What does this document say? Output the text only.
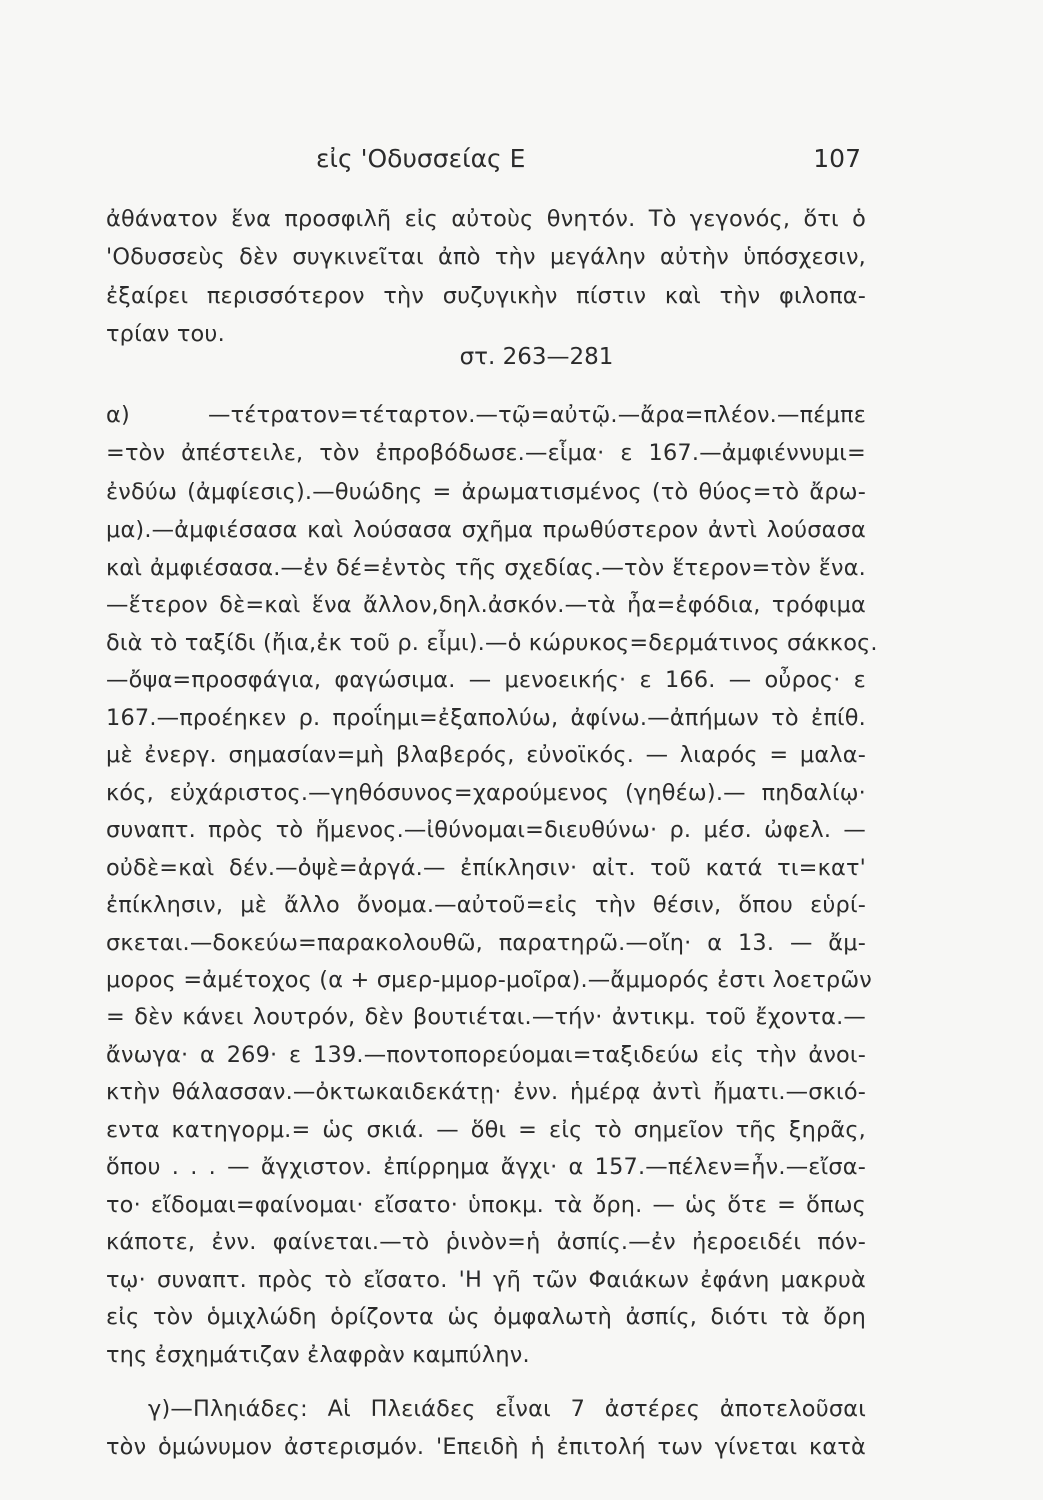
εἰς 'Οδυσσείας Ε	107
ἀθάνατον ἕνα προσφιλῆ εἰς αὐτοὺς θνητόν. Τὸ γεγονός, ὅτι ὁ
'Οδυσσεὺς δὲν συγκινεῖται ἀπὸ τὴν μεγάλην αὐτὴν ὑπόσχεσιν,
ἐξαίρει περισσότερον τὴν συζυγικὴν πίστιν καὶ τὴν φιλοπα-
τρίαν του.
στ. 263—281
α) —τέτρατον=τέταρτον.—τῷ=αὐτῷ.—ἄρα=πλέον.—πέμπε
=τὸν ἀπέστειλε, τὸν ἐπροβόδωσε.—εἷμα· ε 167.—ἀμφιέννυμι=
ἐνδύω (ἀμφίεσις).—θυώδης = ἀρωματισμένος (τὸ θύος=τὸ ἄρω-
μα).—ἀμφιέσασα καὶ λούσασα σχῆμα πρωθύστερον ἀντὶ λούσασα
καὶ ἀμφιέσασα.—ἐν δέ=ἐντὸς τῆς σχεδίας.—τὸν ἕτερον=τὸν ἕνα.
—ἕτερον δὲ=καὶ ἕνα ἄλλον,δηλ.ἀσκόν.—τὰ ἦα=ἐφόδια, τρόφιμα
διὰ τὸ ταξίδι (ἤια,ἐκ τοῦ ρ. εἶμι).—ὁ κώρυκος=δερμάτινος σάκκος.
—ὄψα=προσφάγια, φαγώσιμα. — μενοεικής· ε 166. — οὖρος· ε
167.—προέηκεν ρ. προΐημι=ἐξαπολύω, ἀφίνω.—ἀπήμων τὸ ἐπίθ.
μὲ ἐνεργ. σημασίαν=μὴ βλαβερός, εὐνοϊκός. — λιαρός = μαλα-
κός, εὐχάριστος.—γηθόσυνος=χαρούμενος (γηθέω).— πηδαλίῳ·
συναπτ. πρὸς τὸ ἥμενος.—ἰθύνομαι=διευθύνω· ρ. μέσ. ὠφελ. —
οὐδὲ=καὶ δέν.—ὀψὲ=ἀργά.— ἐπίκλησιν· αἰτ. τοῦ κατά τι=κατ'
ἐπίκλησιν, μὲ ἄλλο ὄνομα.—αὐτοῦ=εἰς τὴν θέσιν, ὅπου εὑρί-
σκεται.—δοκεύω=παρακολουθῶ, παρατηρῶ.—οἴη· α 13. — ἄμ-
μορος =ἀμέτοχος (α + σμερ-μμορ-μοῖρα).—ἄμμορός ἐστι λοετρῶν
= δὲν κάνει λουτρόν, δὲν βουτιέται.—τήν· ἀντικμ. τοῦ ἔχοντα.—
ἄνωγα· α 269· ε 139.—ποντοπορεύομαι=ταξιδεύω εἰς τὴν ἀνοι-
κτὴν θάλασσαν.—ὀκτωκαιδεκάτῃ· ἐνν. ἡμέρᾳ ἀντὶ ἤματι.—σκιό-
εντα κατηγορμ.= ὡς σκιά. — ὅθι = εἰς τὸ σημεῖον τῆς ξηρᾶς,
ὅπου . . . — ἄγχιστον. ἐπίρρημα ἄγχι· α 157.—πέλεν=ἦν.—εἴσα-
το· εἴδομαι=φαίνομαι· εἴσατο· ὑποκμ. τὰ ὄρη. — ὡς ὅτε = ὅπως
κάποτε, ἐνν. φαίνεται.—τὸ ῥινὸν=ἡ ἀσπίς.—ἐν ἠεροειδέι πόν-
τῳ· συναπτ. πρὸς τὸ εἴσατο. 'Η γῆ τῶν Φαιάκων ἐφάνη μακρυὰ
εἰς τὸν ὁμιχλώδη ὁρίζοντα ὡς ὀμφαλωτὴ ἀσπίς, διότι τὰ ὄρη
της ἐσχημάτιζαν ἐλαφρὰν καμπύλην.
γ)—Πληιάδες: Αἱ Πλειάδες εἶναι 7 ἀστέρες ἀποτελοῦσαι
τὸν ὁμώνυμον ἀστερισμόν. 'Επειδὴ ἡ ἐπιτολή των γίνεται κατὰ
